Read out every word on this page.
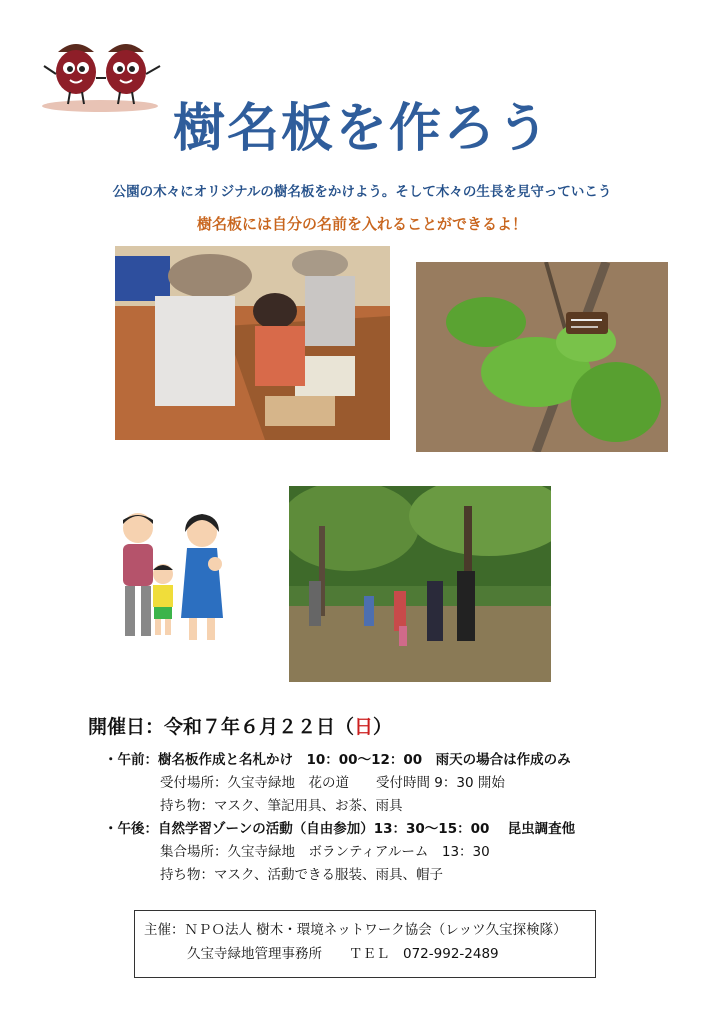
樹名板を作ろう
公園の木々にオリジナルの樹名板をかけよう。そして木々の生長を見守っていこう
樹名板には自分の名前を入れることができるよ！
開催日：令和７年６月２２日（日）
・午前：樹名板作成と名札かけ　10：00〜12：00　雨天の場合は作成のみ
受付場所：久宝寺緑地　花の道　　受付時間 9：30 開始
持ち物：マスク、筆記用具、お茶、雨具
・午後：自然学習ゾーンの活動（自由参加）13：30〜15：00　 昆虫調査他
集合場所：久宝寺緑地　ボランティアルーム　13：30
持ち物：マスク、活動できる服装、雨具、帽子
主催：ＮＰＯ法人 樹木・環境ネットワーク協会（レッツ久宝探検隊）
久宝寺緑地管理事務所　　ＴＥＬ　072-992-2489
